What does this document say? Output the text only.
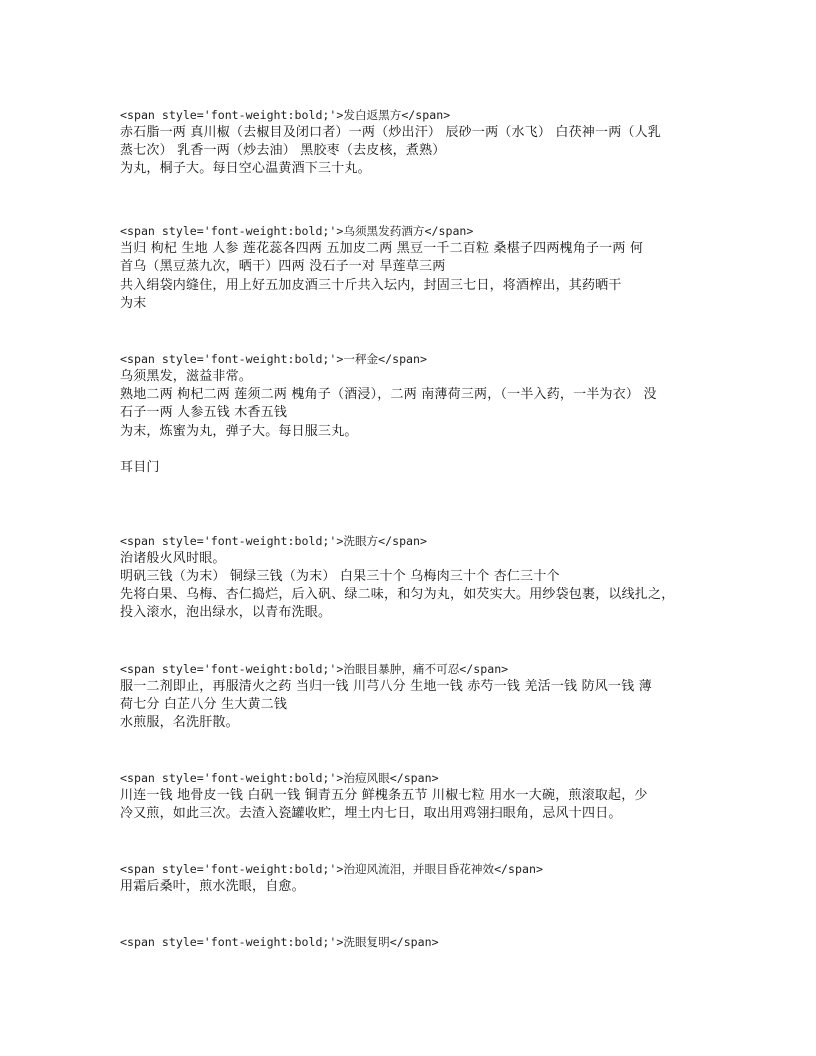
<span style='font-weight:bold;'>发白返黑方</span>
赤石脂一两 真川椒（去椒目及闭口者）一两（炒出汗） 辰砂一两（水飞） 白茯神一两（人乳
蒸七次） 乳香一两（炒去油） 黑胶枣（去皮核，煮熟）
为丸，桐子大。每日空心温黄酒下三十丸。
<span style='font-weight:bold;'>乌须黑发药酒方</span>
当归 枸杞 生地 人参 莲花蕊各四两 五加皮二两 黑豆一千二百粒 桑椹子四两槐角子一两 何
首乌（黑豆蒸九次，晒干）四两 没石子一对 旱莲草三两
共入绢袋内缝住，用上好五加皮酒三十斤共入坛内，封固三七日，将酒榨出，其药晒干
为末
<span style='font-weight:bold;'>一秤金</span>
乌须黑发，滋益非常。
熟地二两 枸杞二两 莲须二两 槐角子（酒浸），二两 南薄荷三两，（一半入药，一半为衣） 没
石子一两 人参五钱 木香五钱
为末，炼蜜为丸，弹子大。每日服三丸。
耳目门
<span style='font-weight:bold;'>洗眼方</span>
治诸般火风时眼。
明矾三钱（为末） 铜绿三钱（为末） 白果三十个 乌梅肉三十个 杏仁三十个
先将白果、乌梅、杏仁捣烂，后入矾、绿二味，和匀为丸，如芡实大。用纱袋包裹，以线扎之，
投入滚水，泡出绿水，以青布洗眼。
<span style='font-weight:bold;'>治眼目暴肿，痛不可忍</span>
服一二剂即止，再服清火之药 当归一钱 川芎八分 生地一钱 赤芍一钱 羌活一钱 防风一钱 薄
荷七分 白芷八分 生大黄二钱
水煎服，名洗肝散。
<span style='font-weight:bold;'>治痘风眼</span>
川连一钱 地骨皮一钱 白矾一钱 铜青五分 鲜槐条五节 川椒七粒 用水一大碗，煎滚取起，少
冷又煎，如此三次。去渣入瓷罐收贮，埋土内七日，取出用鸡翎扫眼角，忌风十四日。
<span style='font-weight:bold;'>治迎风流泪，并眼目昏花神效</span>
用霜后桑叶，煎水洗眼，自愈。
<span style='font-weight:bold;'>洗眼复明</span>
